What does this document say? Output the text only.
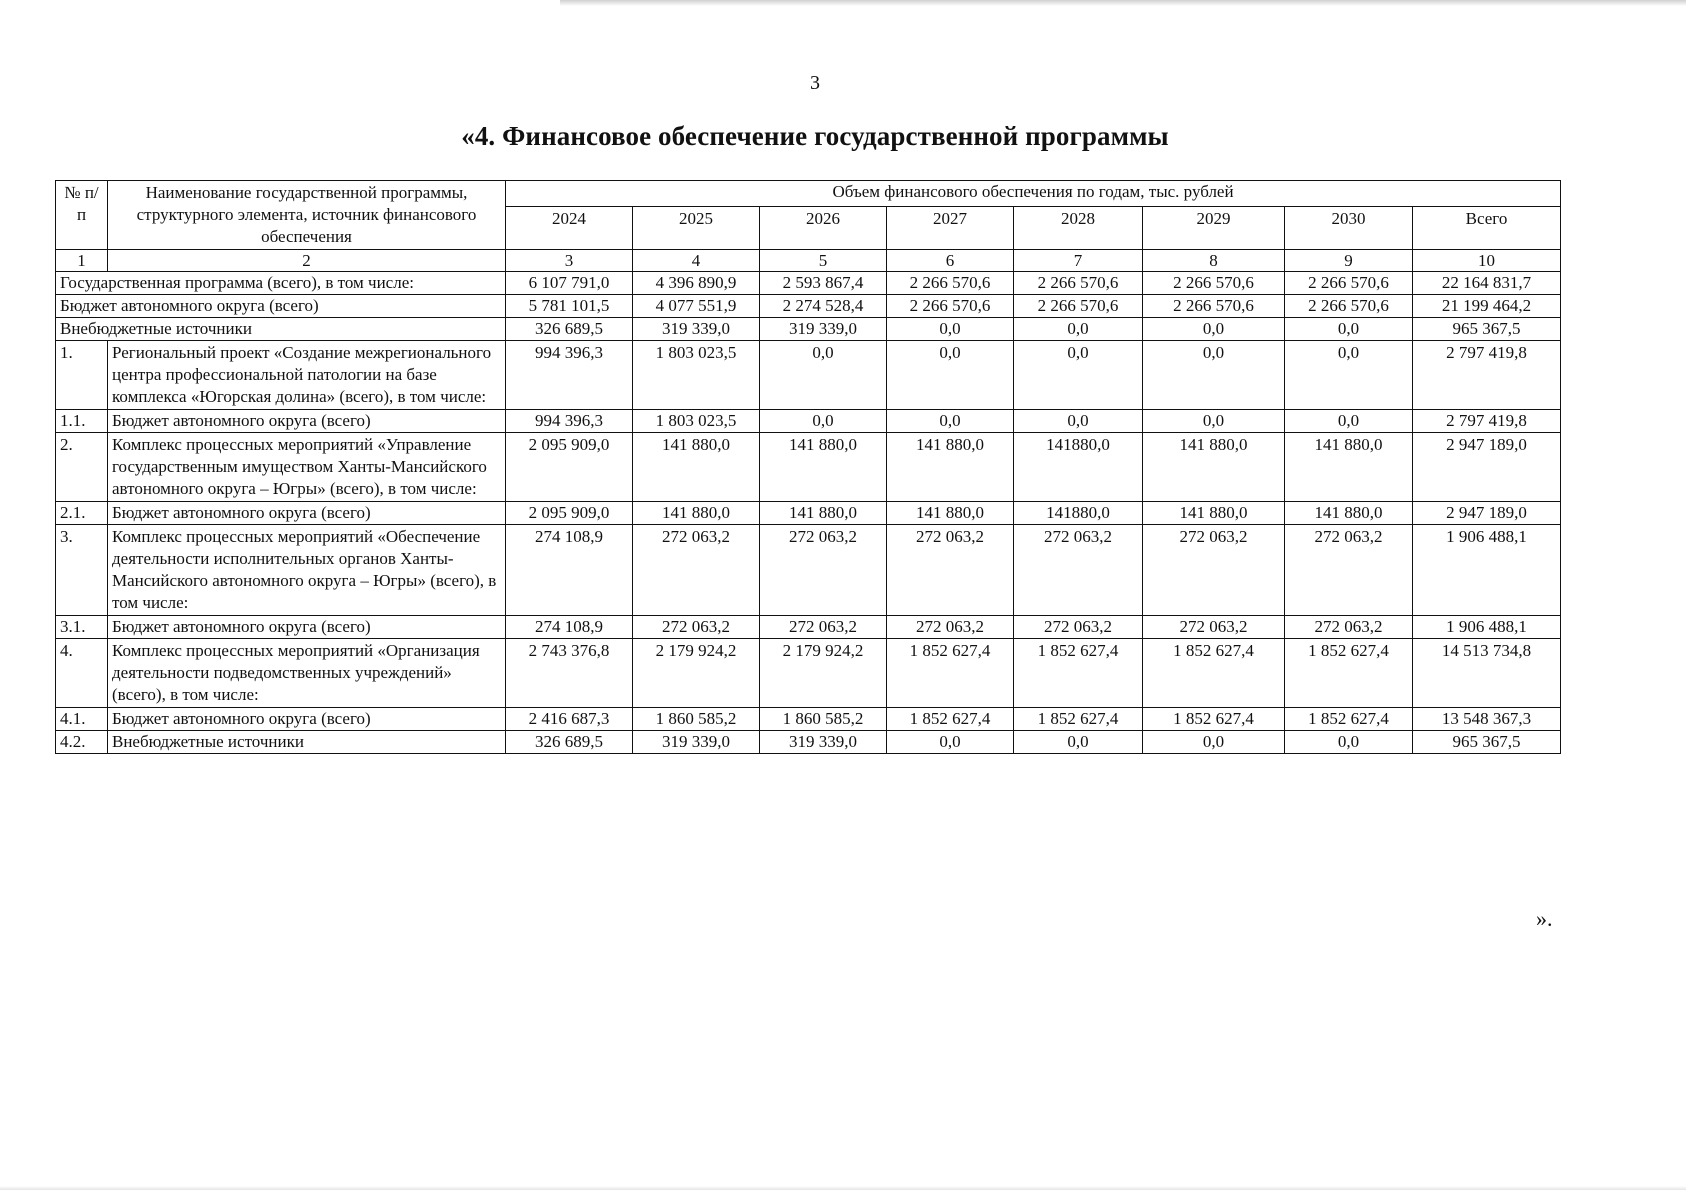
3
«4. Финансовое обеспечение государственной программы
№ п/п	Наименование государственной программы, структурного элемента, источник финансового обеспечения	Объем финансового обеспечения по годам, тыс. рублей							
		2024	2025	2026	2027	2028	2029	2030	Всего
1	2	3	4	5	6	7	8	9	10
Государственная программа (всего), в том числе:		6 107 791,0	4 396 890,9	2 593 867,4	2 266 570,6	2 266 570,6	2 266 570,6	2 266 570,6	22 164 831,7
Бюджет автономного округа (всего)		5 781 101,5	4 077 551,9	2 274 528,4	2 266 570,6	2 266 570,6	2 266 570,6	2 266 570,6	21 199 464,2
Внебюджетные источники		326 689,5	319 339,0	319 339,0	0,0	0,0	0,0	0,0	965 367,5
1.	Региональный проект «Создание межрегионального центра профессиональной патологии на базе комплекса «Югорская долина» (всего), в том числе:	994 396,3	1 803 023,5	0,0	0,0	0,0	0,0	0,0	2 797 419,8
1.1.	Бюджет автономного округа (всего)	994 396,3	1 803 023,5	0,0	0,0	0,0	0,0	0,0	2 797 419,8
2.	Комплекс процессных мероприятий «Управление государственным имуществом Ханты-Мансийского автономного округа – Югры» (всего), в том числе:	2 095 909,0	141 880,0	141 880,0	141 880,0	141880,0	141 880,0	141 880,0	2 947 189,0
2.1.	Бюджет автономного округа (всего)	2 095 909,0	141 880,0	141 880,0	141 880,0	141880,0	141 880,0	141 880,0	2 947 189,0
3.	Комплекс процессных мероприятий «Обеспечение деятельности исполнительных органов Ханты-Мансийского автономного округа – Югры» (всего), в том числе:	274 108,9	272 063,2	272 063,2	272 063,2	272 063,2	272 063,2	272 063,2	1 906 488,1
3.1.	Бюджет автономного округа (всего)	274 108,9	272 063,2	272 063,2	272 063,2	272 063,2	272 063,2	272 063,2	1 906 488,1
4.	Комплекс процессных мероприятий «Организация деятельности подведомственных учреждений» (всего), в том числе:	2 743 376,8	2 179 924,2	2 179 924,2	1 852 627,4	1 852 627,4	1 852 627,4	1 852 627,4	14 513 734,8
4.1.	Бюджет автономного округа (всего)	2 416 687,3	1 860 585,2	1 860 585,2	1 852 627,4	1 852 627,4	1 852 627,4	1 852 627,4	13 548 367,3
4.2.	Внебюджетные источники	326 689,5	319 339,0	319 339,0	0,0	0,0	0,0	0,0	965 367,5
».
